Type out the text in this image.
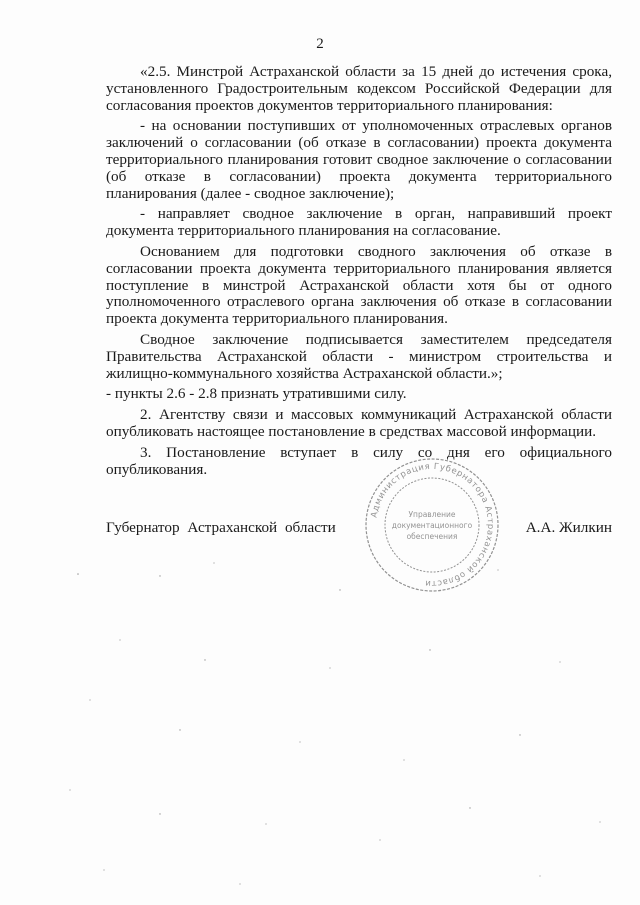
2

«2.5. Минстрой Астраханской области за 15 дней до истечения срока, установленного Градостроительным кодексом Российской Федерации для согласования проектов документов территориального планирования:

- на основании поступивших от уполномоченных отраслевых органов заключений о согласовании (об отказе в согласовании) проекта документа территориального планирования готовит сводное заключение о согласовании (об отказе в согласовании) проекта документа территориального планирования (далее - сводное заключение);

- направляет сводное заключение в орган, направивший проект документа территориального планирования на согласование.

Основанием для подготовки сводного заключения об отказе в согласовании проекта документа территориального планирования является поступление в минстрой Астраханской области хотя бы от одного уполномоченного отраслевого органа заключения об отказе в согласовании проекта документа территориального планирования.

Сводное заключение подписывается заместителем председателя Правительства Астраханской области - министром строительства и жилищно-коммунального хозяйства Астраханской области.»;

- пункты 2.6 - 2.8 признать утратившими силу.

2. Агентству связи и массовых коммуникаций Астраханской области опубликовать настоящее постановление в средствах массовой информации.

3. Постановление вступает в силу со дня его официального опубликования.

Администрация Губернатора Астраханской области
Управление
документационного
обеспечения
Губернатор Астраханской области	А.А. Жилкин
